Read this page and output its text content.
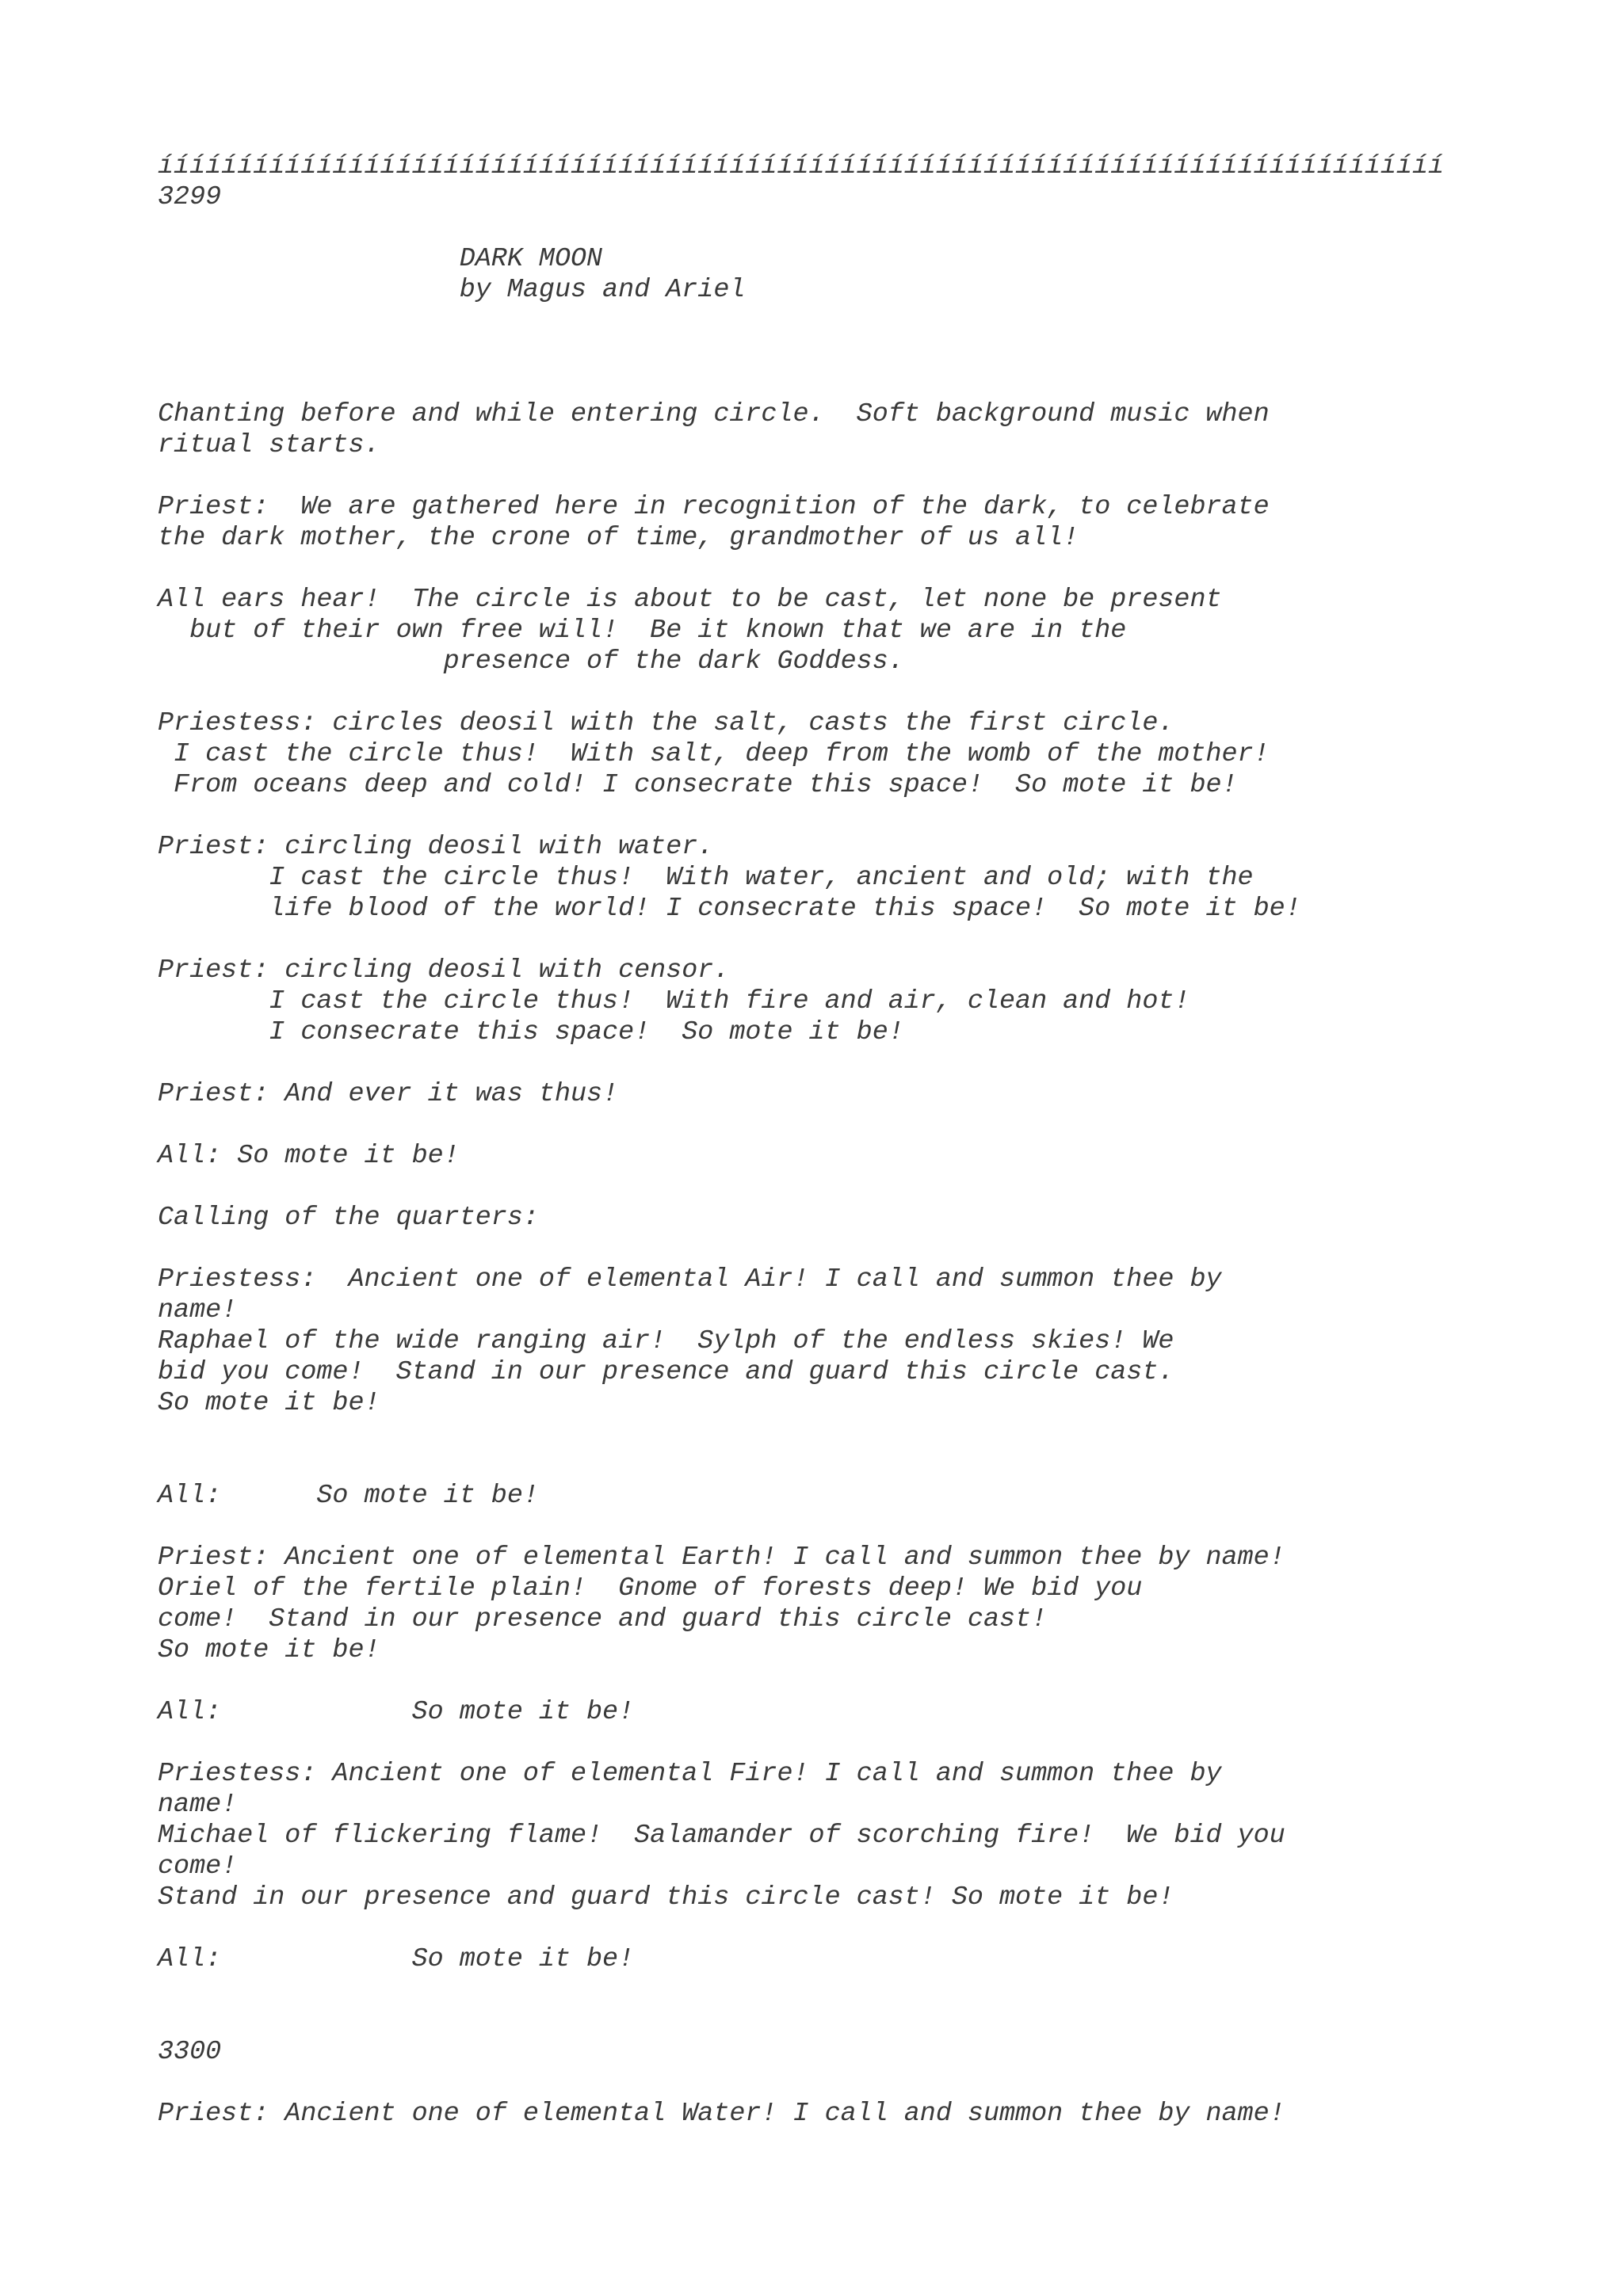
ííííííííííííííííííííííííííííííííííííííííííííííííííííííííííííííííííííííííííííííííí

3299

DARK MOON

by Magus and Ariel

Chanting before and while entering circle.  Soft background music when

ritual starts.

Priest:  We are gathered here in recognition of the dark, to celebrate

the dark mother, the crone of time, grandmother of us all!

All ears hear!  The circle is about to be cast, let none be present

but of their own free will!  Be it known that we are in the

presence of the dark Goddess.

Priestess: circles deosil with the salt, casts the first circle.

I cast the circle thus!  With salt, deep from the womb of the mother!

From oceans deep and cold! I consecrate this space!  So mote it be!

Priest: circling deosil with water.

I cast the circle thus!  With water, ancient and old; with the

life blood of the world! I consecrate this space!  So mote it be!

Priest: circling deosil with censor.

I cast the circle thus!  With fire and air, clean and hot!

I consecrate this space!  So mote it be!

Priest: And ever it was thus!

All: So mote it be!

Calling of the quarters:

Priestess:  Ancient one of elemental Air! I call and summon thee by

name!

Raphael of the wide ranging air!  Sylph of the endless skies! We

bid you come!  Stand in our presence and guard this circle cast.

So mote it be!

All:      So mote it be!

Priest: Ancient one of elemental Earth! I call and summon thee by name!

Oriel of the fertile plain!  Gnome of forests deep! We bid you

come!  Stand in our presence and guard this circle cast!

So mote it be!

All:            So mote it be!

Priestess: Ancient one of elemental Fire! I call and summon thee by

name!

Michael of flickering flame!  Salamander of scorching fire!  We bid you

come!

Stand in our presence and guard this circle cast! So mote it be!

All:            So mote it be!

3300

Priest: Ancient one of elemental Water! I call and summon thee by name!
